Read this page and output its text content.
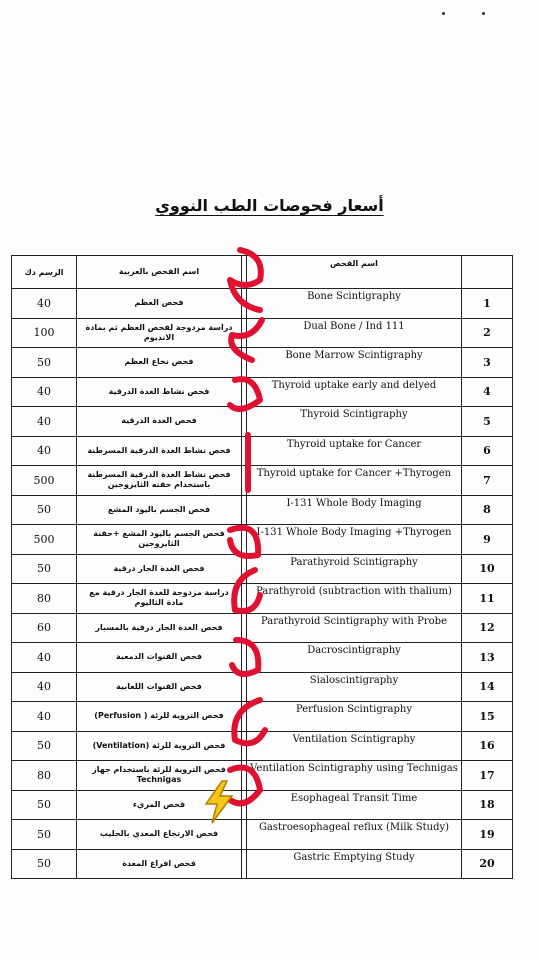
أسعار فحوصات الطب النووي
الرسم دك	اسم الفحص بالعربية		اسم الفحص	
40	فحص العظم		Bone Scintigraphy	1
100	دراسة مزدوجة لفحص العظم ثم بمادة الانديوم		Dual Bone / Ind 111	2
50	فحص نخاع العظم		Bone Marrow Scintigraphy	3
40	فحص نشاط الغدة الدرقية		Thyroid uptake early and delyed	4
40	فحص الغدة الدرقية		Thyroid Scintigraphy	5
40	فحص نشاط الغدة الدرقية المسرطنة		Thyroid uptake for Cancer	6
500	فحص نشاط الغدة الدرقية المسرطنة باستخدام حقنه الثايروجين		Thyroid uptake for Cancer +Thyrogen	7
50	فحص الجسم باليود المشع		I-131 Whole Body Imaging	8
500	فحص الجسم باليود المشع +حقنة الثايروجين		I-131 Whole Body Imaging +Thyrogen	9
50	فحص الغدة الجار درقية		Parathyroid Scintigraphy	10
80	دراسة مزدوجة للغدة الجار درقية مع مادة الثاليوم		Parathyroid (subtraction with thalium)	11
60	فحص الغدة الجار درقية بالمسبار		Parathyroid Scintigraphy with Probe	12
40	فحص القنوات الدمعية		Dacroscintigraphy	13
40	فحص القنوات اللعابية		Sialoscintigraphy	14
40	فحص التروية للرئة ( Perfusion)		Perfusion Scintigraphy	15
50	فحص التروية للرئة (Ventilation)		Ventilation Scintigraphy	16
80	فحص التروية للرئة باستخدام جهاز Technigas		Ventilation Scintigraphy using Technigas	17
50	فحص المريء		Esophageal Transit Time	18
50	فحص الارتجاع المعدي بالحليب		Gastroesophageal reflux (Milk Study)	19
50	فحص افراغ المعدة		Gastric Emptying Study	20
